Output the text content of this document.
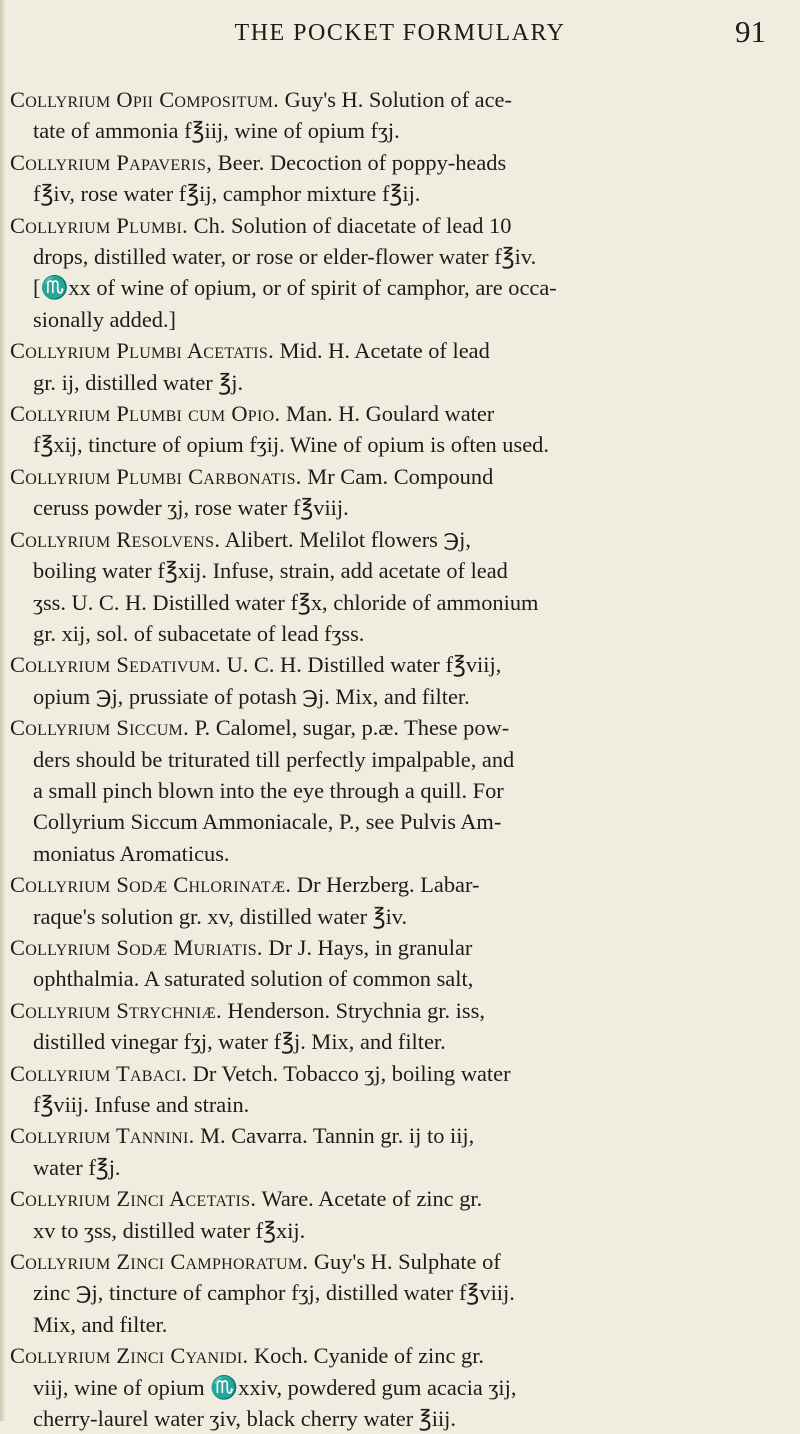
THE POCKET FORMULARY	91

Collyrium Opii Compositum. Guy's H. Solution of ace-
tate of ammonia f℥iij, wine of opium fʒj.

Collyrium Papaveris, Beer. Decoction of poppy-heads
f℥iv, rose water f℥ij, camphor mixture f℥ij.

Collyrium Plumbi. Ch. Solution of diacetate of lead 10
drops, distilled water, or rose or elder-flower water f℥iv.
[♏xx of wine of opium, or of spirit of camphor, are occa-
sionally added.]

Collyrium Plumbi Acetatis. Mid. H. Acetate of lead
gr. ij, distilled water ℥j.

Collyrium Plumbi cum Opio. Man. H. Goulard water
f℥xij, tincture of opium fʒij. Wine of opium is often used.

Collyrium Plumbi Carbonatis. Mr Cam. Compound
ceruss powder ʒj, rose water f℥viij.

Collyrium Resolvens. Alibert. Melilot flowers ℈j,
boiling water f℥xij. Infuse, strain, add acetate of lead
ʒss. U. C. H. Distilled water f℥x, chloride of ammonium
gr. xij, sol. of subacetate of lead fʒss.

Collyrium Sedativum. U. C. H. Distilled water f℥viij,
opium ℈j, prussiate of potash ℈j. Mix, and filter.

Collyrium Siccum. P. Calomel, sugar, p.æ. These pow-
ders should be triturated till perfectly impalpable, and
a small pinch blown into the eye through a quill. For
Collyrium Siccum Ammoniacale, P., see Pulvis Am-
moniatus Aromaticus.

Collyrium Sodæ Chlorinatæ. Dr Herzberg. Labar-
raque's solution gr. xv, distilled water ℥iv.

Collyrium Sodæ Muriatis. Dr J. Hays, in granular
ophthalmia. A saturated solution of common salt,

Collyrium Strychniæ. Henderson. Strychnia gr. iss,
distilled vinegar fʒj, water f℥j. Mix, and filter.

Collyrium Tabaci. Dr Vetch. Tobacco ʒj, boiling water
f℥viij. Infuse and strain.

Collyrium Tannini. M. Cavarra. Tannin gr. ij to iij,
water f℥j.

Collyrium Zinci Acetatis. Ware. Acetate of zinc gr.
xv to ʒss, distilled water f℥xij.

Collyrium Zinci Camphoratum. Guy's H. Sulphate of
zinc ℈j, tincture of camphor fʒj, distilled water f℥viij.
Mix, and filter.

Collyrium Zinci Cyanidi. Koch. Cyanide of zinc gr.
viij, wine of opium ♏xxiv, powdered gum acacia ʒij,
cherry-laurel water ʒiv, black cherry water ℥iij.
